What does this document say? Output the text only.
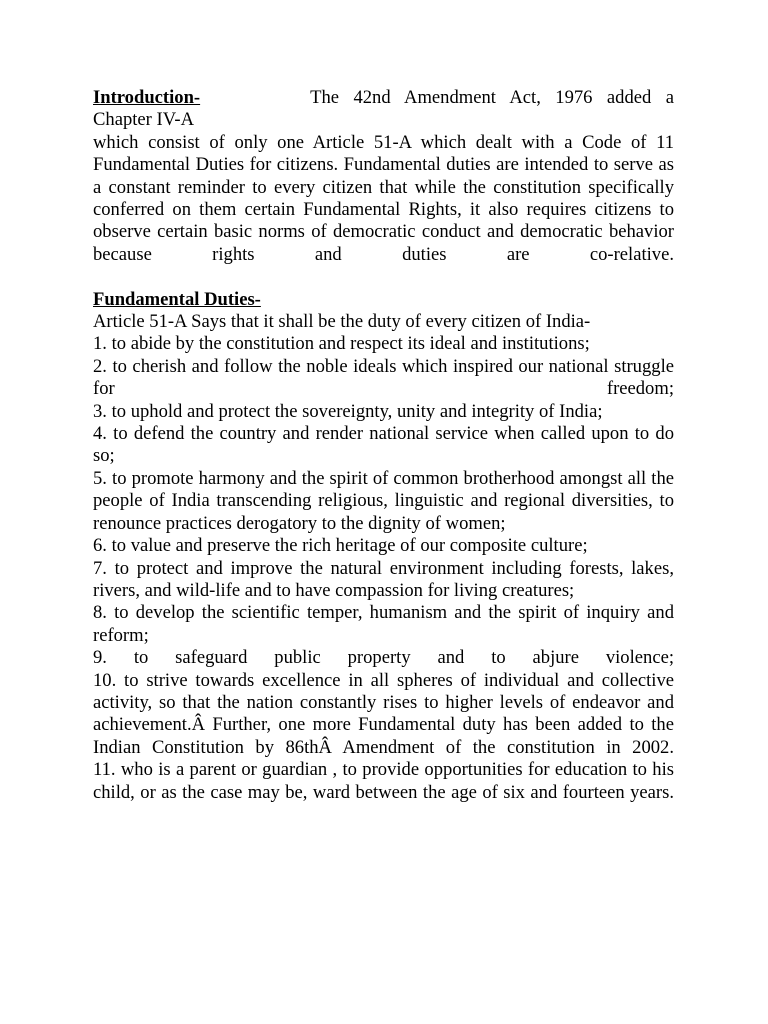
Introduction-	The 42nd Amendment Act, 1976 added a Chapter IV-A

which consist of only one Article 51-A which dealt with a Code of 11 Fundamental Duties for citizens. Fundamental duties are intended to serve as a constant reminder to every citizen that while the constitution specifically conferred on them certain Fundamental Rights, it also requires citizens to observe certain basic norms of democratic conduct and democratic behavior because rights and duties are co-relative.

Fundamental Duties-

Article 51-A Says that it shall be the duty of every citizen of India-

1. to abide by the constitution and respect its ideal and institutions;

2. to cherish and follow the noble ideals which inspired our national struggle for freedom;

3. to uphold and protect the sovereignty, unity and integrity of India;

4. to defend the country and render national service when called upon to do so;

5. to promote harmony and the spirit of common brotherhood amongst all the people of India transcending religious, linguistic and regional diversities, to renounce practices derogatory to the dignity of women;

6. to value and preserve the rich heritage of our composite culture;

7. to protect and improve the natural environment including forests, lakes, rivers, and wild-life and to have compassion for living creatures;

8. to develop the scientific temper, humanism and the spirit of inquiry and reform;

9. to safeguard public property and to abjure violence;

10. to strive towards excellence in all spheres of individual and collective activity, so that the nation constantly rises to higher levels of endeavor and achievement.Â Further, one more Fundamental duty has been added to the Indian Constitution by 86thÂ Amendment of the constitution in 2002.

11. who is a parent or guardian , to provide opportunities for education to his child, or as the case may be, ward between the age of six and fourteen years.
